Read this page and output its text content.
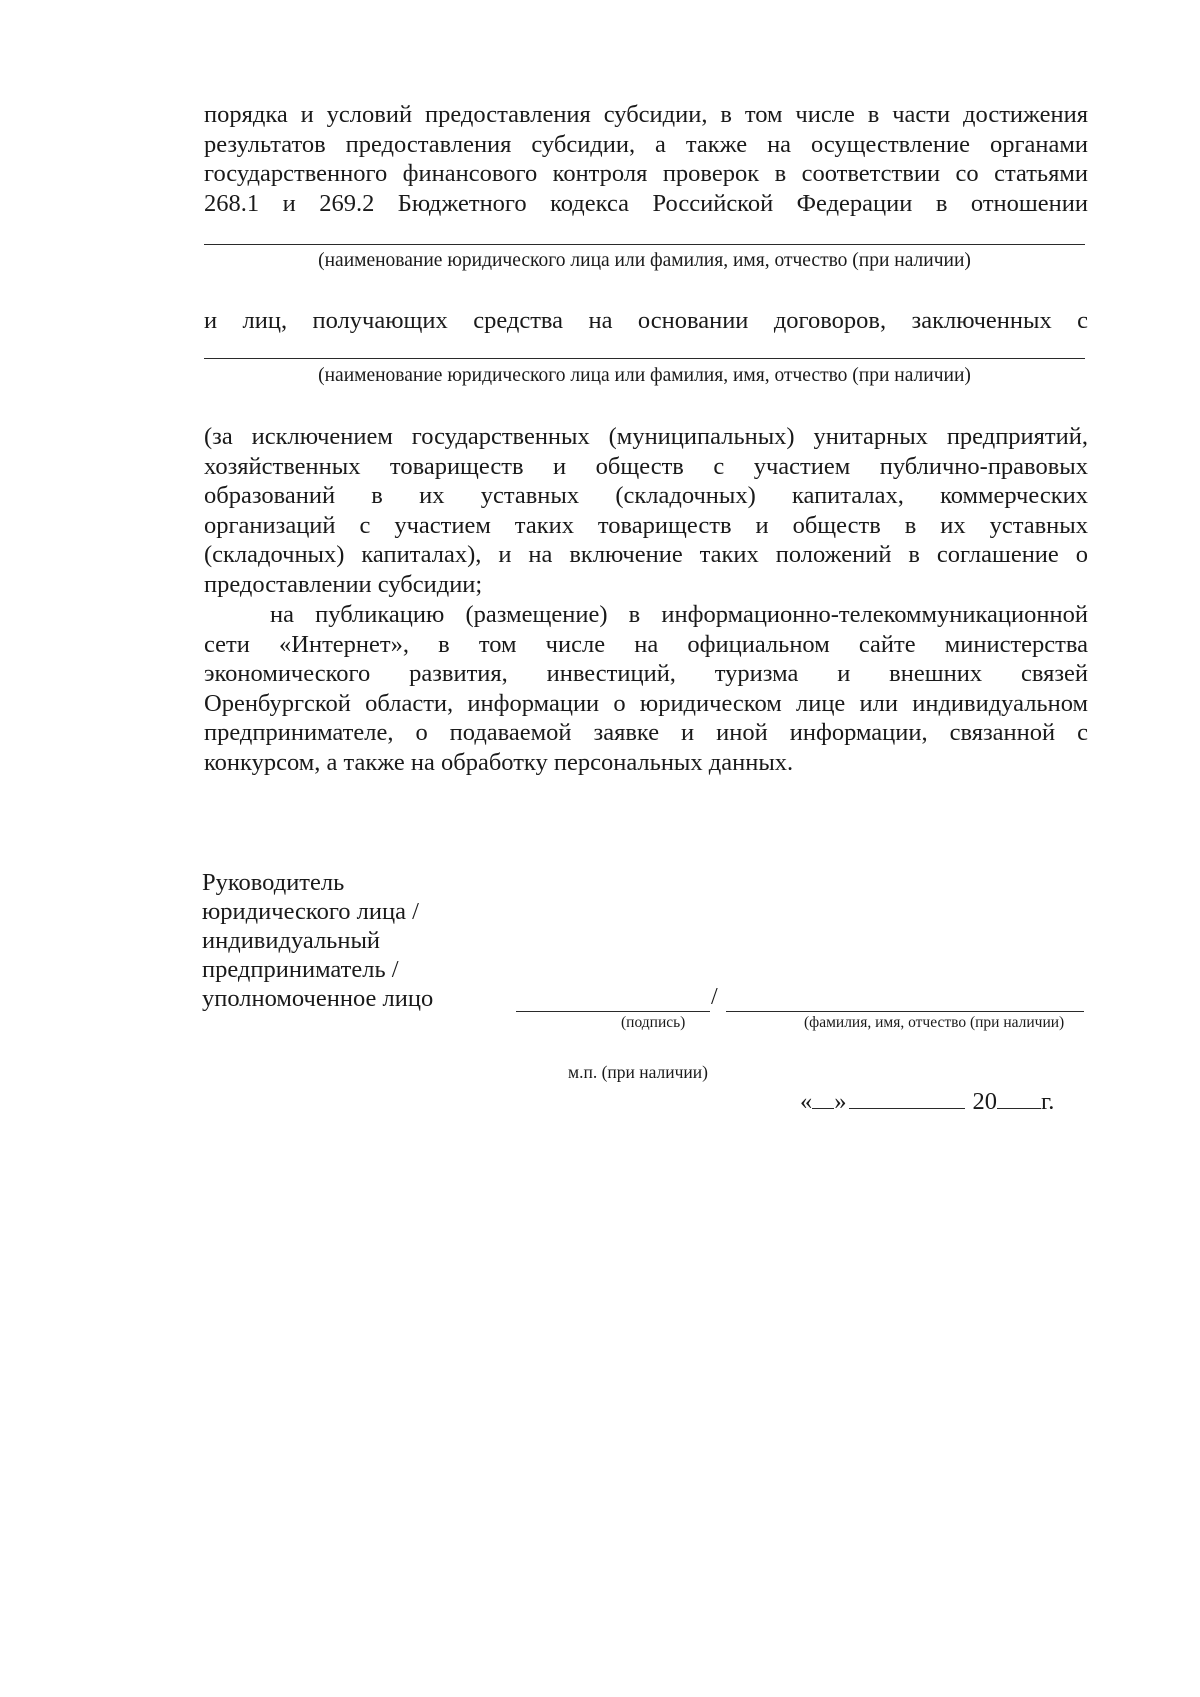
порядка и условий предоставления субсидии, в том числе в части достижения
результатов предоставления субсидии, а также на осуществление органами
государственного финансового контроля проверок в соответствии со статьями
268.1 и 269.2 Бюджетного кодекса Российской Федерации в отношении
(наименование юридического лица или фамилия, имя, отчество (при наличии)
и лиц, получающих средства на основании договоров, заключенных с
(наименование юридического лица или фамилия, имя, отчество (при наличии)
(за исключением государственных (муниципальных) унитарных предприятий,
хозяйственных товариществ и обществ с участием публично-правовых
образований в их уставных (складочных) капиталах, коммерческих
организаций с участием таких товариществ и обществ в их уставных
(складочных) капиталах), и на включение таких положений в соглашение о
предоставлении субсидии;
на публикацию (размещение) в информационно-телекоммуникационной
сети «Интернет», в том числе на официальном сайте министерства
экономического развития, инвестиций, туризма и внешних связей
Оренбургской области, информации о юридическом лице или индивидуальном
предпринимателе, о подаваемой заявке и иной информации, связанной с
конкурсом, а также на обработку персональных данных.
Руководитель
юридического лица /
индивидуальный
предприниматель /
уполномоченное лицо	/
(подпись)	(фамилия, имя, отчество (при наличии)
м.п. (при наличии)
« »	20 г.
